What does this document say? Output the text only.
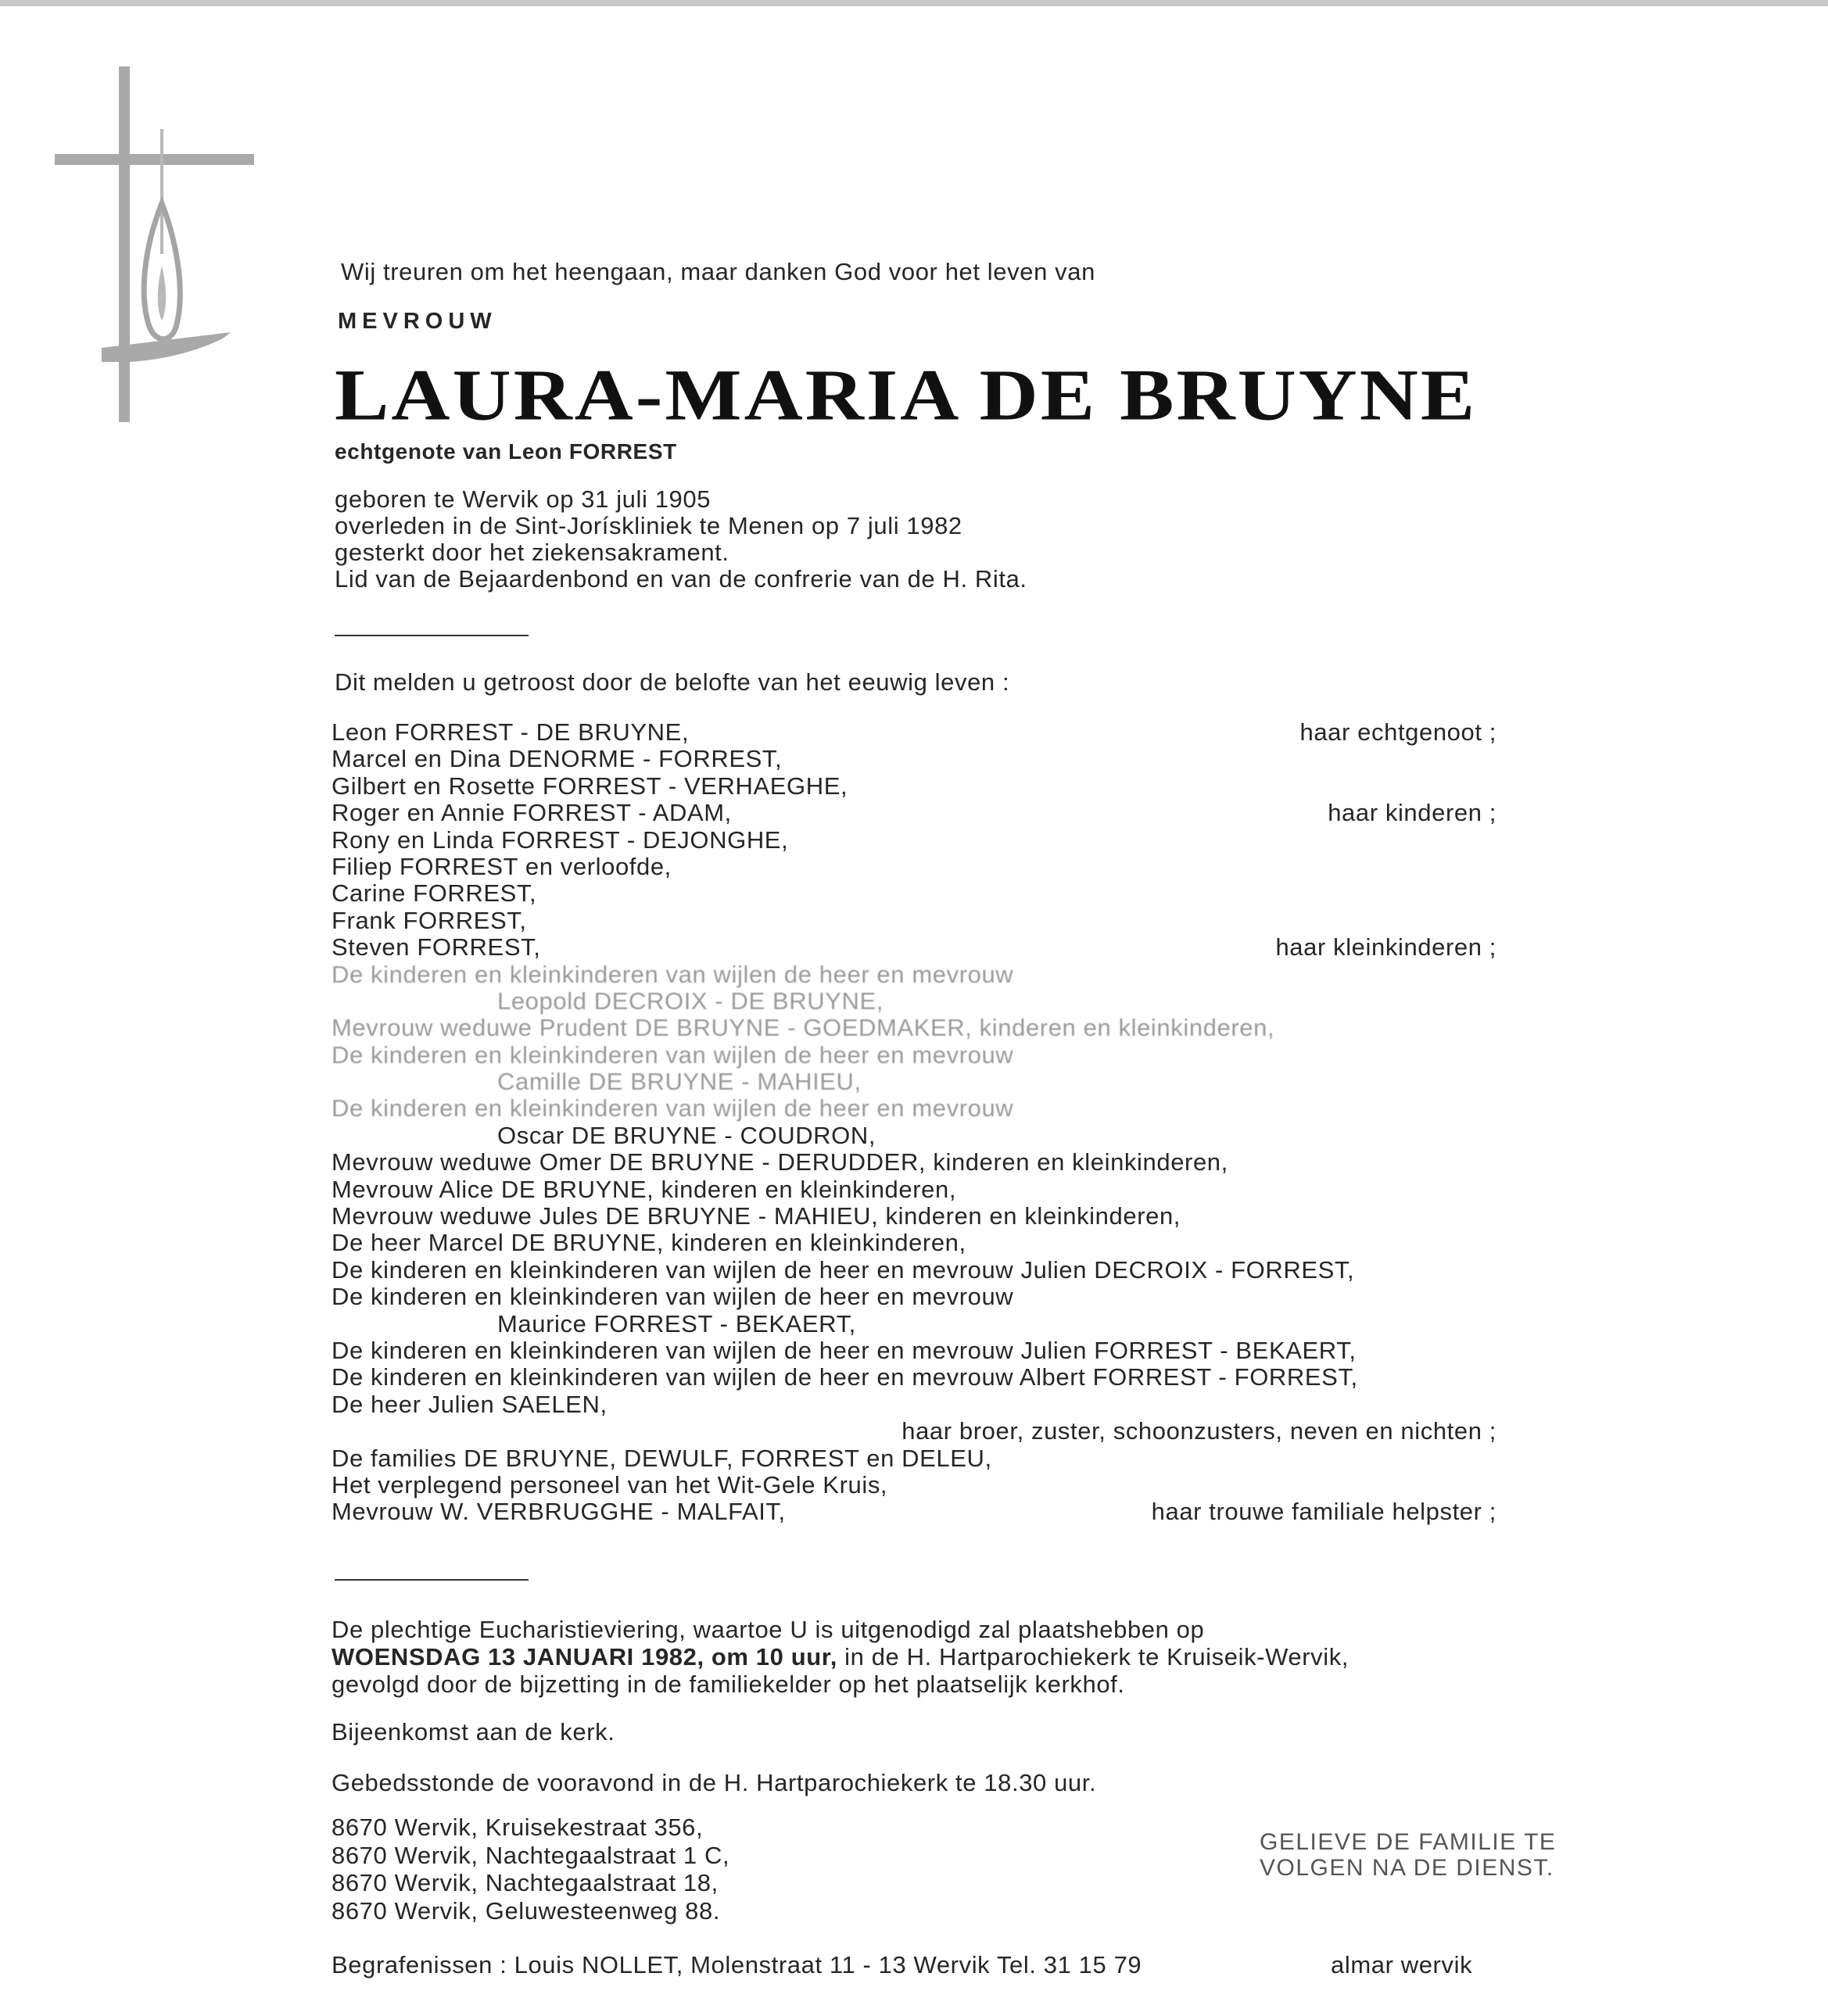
Wij treuren om het heengaan, maar danken God voor het leven van
MEVROUW
LAURA-MARIA DE BRUYNE
echtgenote van Leon FORREST
geboren te Wervik op 31 juli 1905
overleden in de Sint-Jorískliniek te Menen op 7 juli 1982
gesterkt door het ziekensakrament.
Lid van de Bejaardenbond en van de confrerie van de H. Rita.
Dit melden u getroost door de belofte van het eeuwig leven :
Leon FORREST - DE BRUYNE,	haar echtgenoot ;
Marcel en Dina DENORME - FORREST,
Gilbert en Rosette FORREST - VERHAEGHE,
Roger en Annie FORREST - ADAM,	haar kinderen ;
Rony en Linda FORREST - DEJONGHE,
Filiep FORREST en verloofde,
Carine FORREST,
Frank FORREST,
Steven FORREST,	haar kleinkinderen ;
De kinderen en kleinkinderen van wijlen de heer en mevrouw
Leopold DECROIX - DE BRUYNE,
Mevrouw weduwe Prudent DE BRUYNE - GOEDMAKER, kinderen en kleinkinderen,
De kinderen en kleinkinderen van wijlen de heer en mevrouw
Camille DE BRUYNE - MAHIEU,
De kinderen en kleinkinderen van wijlen de heer en mevrouw
Oscar DE BRUYNE - COUDRON,
Mevrouw weduwe Omer DE BRUYNE - DERUDDER, kinderen en kleinkinderen,
Mevrouw Alice DE BRUYNE, kinderen en kleinkinderen,
Mevrouw weduwe Jules DE BRUYNE - MAHIEU, kinderen en kleinkinderen,
De heer Marcel DE BRUYNE, kinderen en kleinkinderen,
De kinderen en kleinkinderen van wijlen de heer en mevrouw Julien DECROIX - FORREST,
De kinderen en kleinkinderen van wijlen de heer en mevrouw
Maurice FORREST - BEKAERT,
De kinderen en kleinkinderen van wijlen de heer en mevrouw Julien FORREST - BEKAERT,
De kinderen en kleinkinderen van wijlen de heer en mevrouw Albert FORREST - FORREST,
De heer Julien SAELEN,
haar broer, zuster, schoonzusters, neven en nichten ;
De families DE BRUYNE, DEWULF, FORREST en DELEU,
Het verplegend personeel van het Wit-Gele Kruis,
Mevrouw W. VERBRUGGHE - MALFAIT,	haar trouwe familiale helpster ;
De plechtige Eucharistieviering, waartoe U is uitgenodigd zal plaatshebben op
WOENSDAG 13 JANUARI 1982, om 10 uur, in de H. Hartparochiekerk te Kruiseik-Wervik,
gevolgd door de bijzetting in de familiekelder op het plaatselijk kerkhof.
Bijeenkomst aan de kerk.
Gebedsstonde de vooravond in de H. Hartparochiekerk te 18.30 uur.
8670 Wervik, Kruisekestraat 356,
8670 Wervik, Nachtegaalstraat 1 C,
8670 Wervik, Nachtegaalstraat 18,
8670 Wervik, Geluwesteenweg 88.
GELIEVE DE FAMILIE TE
VOLGEN NA DE DIENST.
Begrafenissen : Louis NOLLET, Molenstraat 11 - 13 Wervik Tel. 31 15 79	almar wervik
